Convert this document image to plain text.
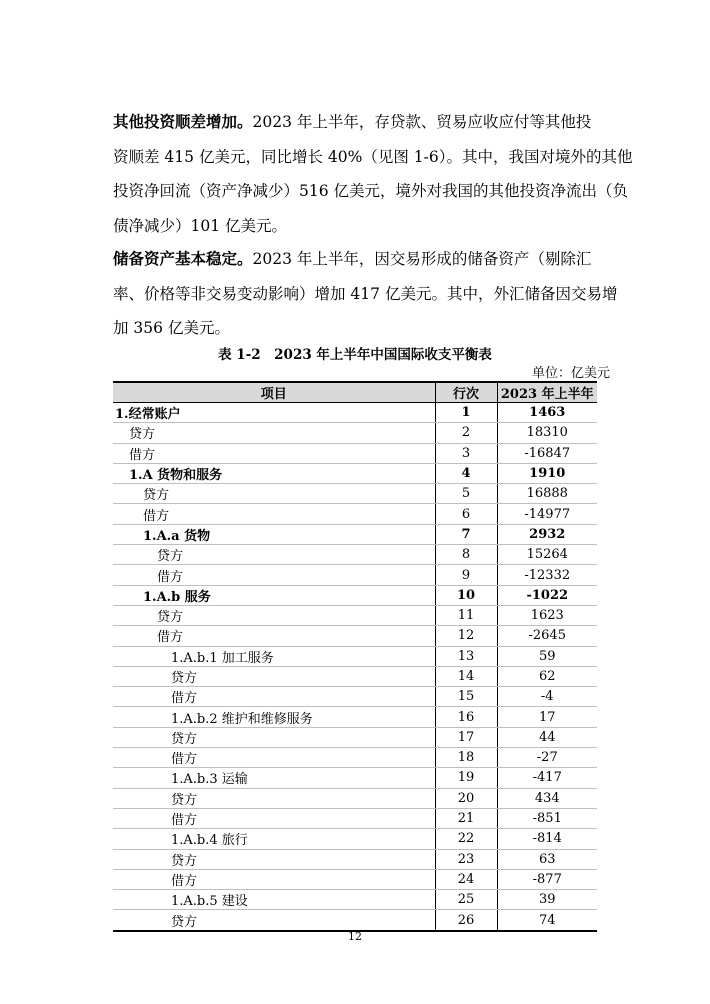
其他投资顺差增加。2023 年上半年，存贷款、贸易应收应付等其他投
资顺差 415 亿美元，同比增长 40%（见图 1-6）。其中，我国对境外的其他
投资净回流（资产净减少）516 亿美元，境外对我国的其他投资净流出（负
债净减少）101 亿美元。

储备资产基本稳定。2023 年上半年，因交易形成的储备资产（剔除汇
率、价格等非交易变动影响）增加 417 亿美元。其中，外汇储备因交易增
加 356 亿美元。

表 1-2　2023 年上半年中国国际收支平衡表
单位：亿美元
项目	行次	2023 年上半年
1.经常账户	1	1463
贷方	2	18310
借方	3	-16847
1.A 货物和服务	4	1910
贷方	5	16888
借方	6	-14977
1.A.a 货物	7	2932
贷方	8	15264
借方	9	-12332
1.A.b 服务	10	-1022
贷方	11	1623
借方	12	-2645
1.A.b.1 加工服务	13	59
贷方	14	62
借方	15	-4
1.A.b.2 维护和维修服务	16	17
贷方	17	44
借方	18	-27
1.A.b.3 运输	19	-417
贷方	20	434
借方	21	-851
1.A.b.4 旅行	22	-814
贷方	23	63
借方	24	-877
1.A.b.5 建设	25	39
贷方	26	74
12
